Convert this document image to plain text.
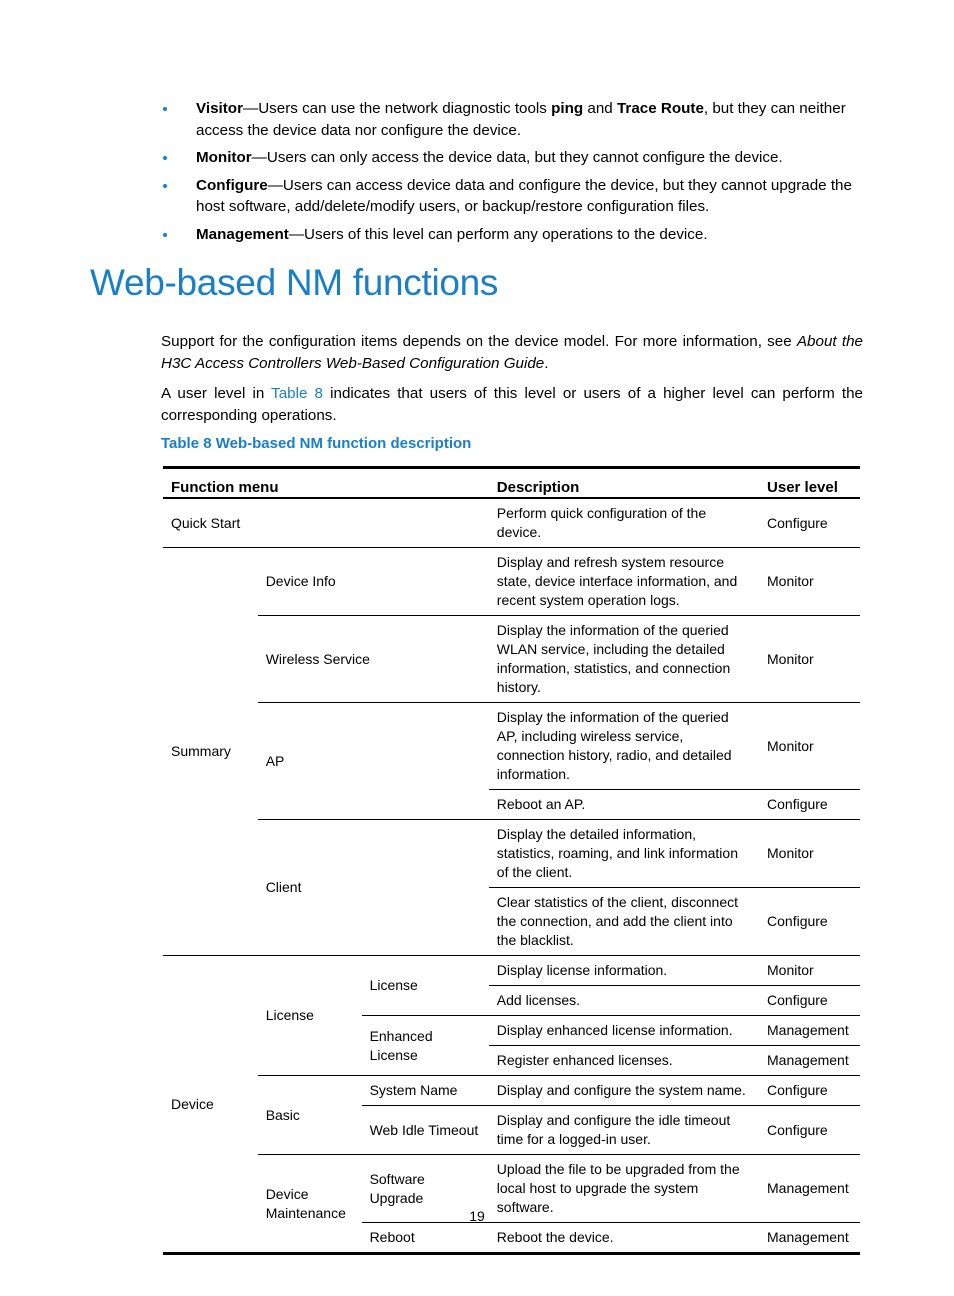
Visitor—Users can use the network diagnostic tools ping and Trace Route, but they can neither access the device data nor configure the device.
Monitor—Users can only access the device data, but they cannot configure the device.
Configure—Users can access device data and configure the device, but they cannot upgrade the host software, add/delete/modify users, or backup/restore configuration files.
Management—Users of this level can perform any operations to the device.
Web-based NM functions

Support for the configuration items depends on the device model. For more information, see About the H3C Access Controllers Web-Based Configuration Guide.

A user level in Table 8 indicates that users of this level or users of a higher level can perform the corresponding operations.

Table 8 Web-based NM function description

Function menu			Description	User level
Quick Start			Perform quick configuration of the device.	Configure
Summary	Device Info		Display and refresh system resource state, device interface information, and recent system operation logs.	Monitor
	Wireless Service		Display the information of the queried WLAN service, including the detailed information, statistics, and connection history.	Monitor
	AP		Display the information of the queried AP, including wireless service, connection history, radio, and detailed information.	Monitor
			Reboot an AP.	Configure
	Client		Display the detailed information, statistics, roaming, and link information of the client.	Monitor
			Clear statistics of the client, disconnect the connection, and add the client into the blacklist.	Configure
Device	License	License	Display license information.	Monitor
			Add licenses.	Configure
		Enhanced License	Display enhanced license information.	Management
			Register enhanced licenses.	Management
	Basic	System Name	Display and configure the system name.	Configure
		Web Idle Timeout	Display and configure the idle timeout time for a logged-in user.	Configure
	Device Maintenance	Software Upgrade	Upload the file to be upgraded from the local host to upgrade the system software.	Management
		Reboot	Reboot the device.	Management

19
